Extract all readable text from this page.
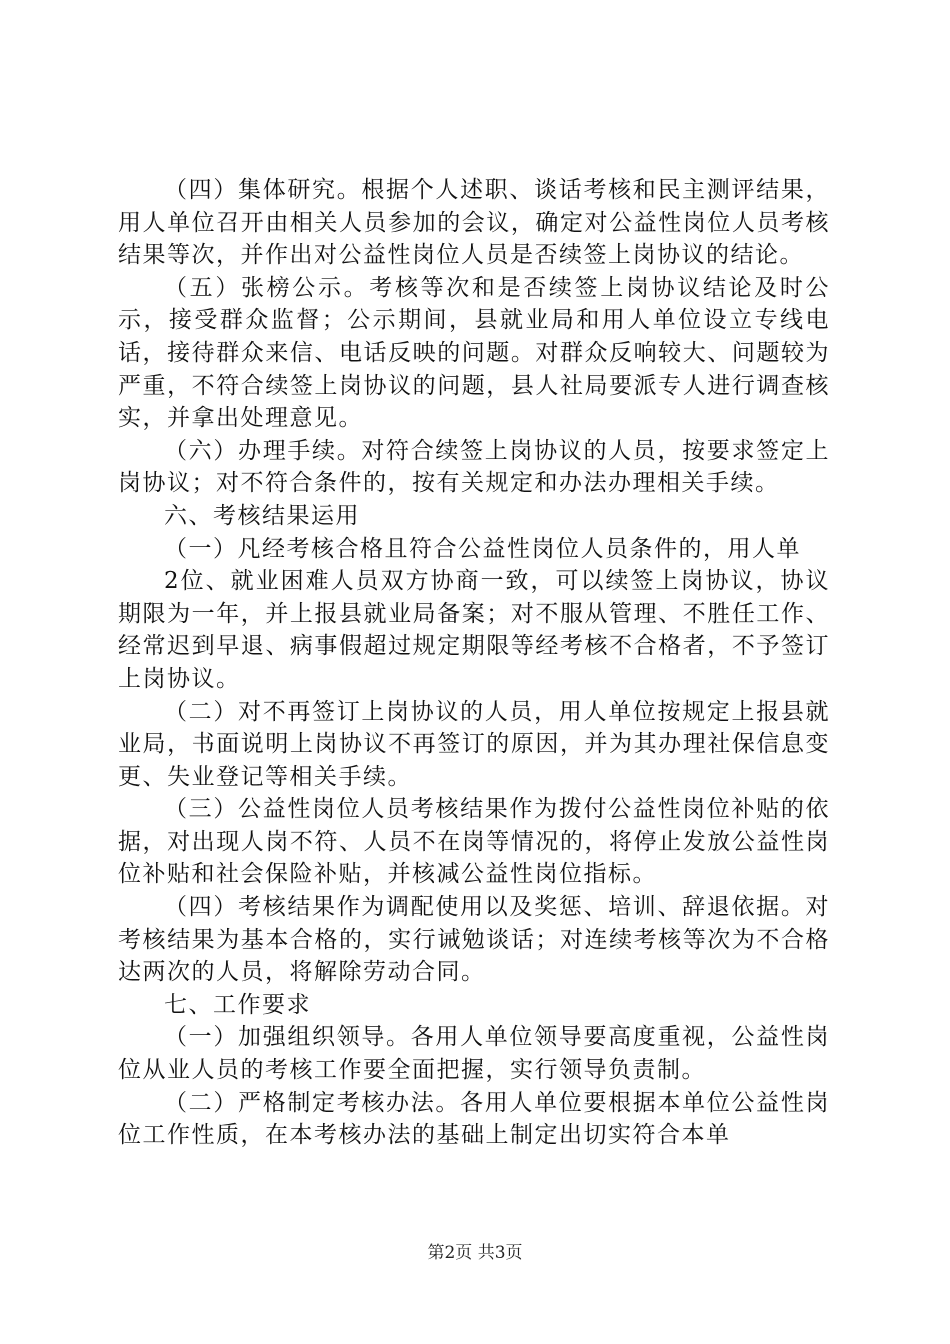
（四）集体研究。根据个人述职、谈话考核和民主测评结果，用人单位召开由相关人员参加的会议，确定对公益性岗位人员考核结果等次，并作出对公益性岗位人员是否续签上岗协议的结论。

（五）张榜公示。考核等次和是否续签上岗协议结论及时公示，接受群众监督；公示期间，县就业局和用人单位设立专线电话，接待群众来信、电话反映的问题。对群众反响较大、问题较为严重，不符合续签上岗协议的问题，县人社局要派专人进行调查核实，并拿出处理意见。

（六）办理手续。对符合续签上岗协议的人员，按要求签定上岗协议；对不符合条件的，按有关规定和办法办理相关手续。

六、考核结果运用

（一）凡经考核合格且符合公益性岗位人员条件的，用人单

2位、就业困难人员双方协商一致，可以续签上岗协议，协议期限为一年，并上报县就业局备案；对不服从管理、不胜任工作、经常迟到早退、病事假超过规定期限等经考核不合格者，不予签订上岗协议。

（二）对不再签订上岗协议的人员，用人单位按规定上报县就业局，书面说明上岗协议不再签订的原因，并为其办理社保信息变更、失业登记等相关手续。

（三）公益性岗位人员考核结果作为拨付公益性岗位补贴的依据，对出现人岗不符、人员不在岗等情况的，将停止发放公益性岗位补贴和社会保险补贴，并核减公益性岗位指标。

（四）考核结果作为调配使用以及奖惩、培训、辞退依据。对考核结果为基本合格的，实行诫勉谈话；对连续考核等次为不合格达两次的人员，将解除劳动合同。

七、工作要求

（一）加强组织领导。各用人单位领导要高度重视，公益性岗位从业人员的考核工作要全面把握，实行领导负责制。

（二）严格制定考核办法。各用人单位要根据本单位公益性岗位工作性质，在本考核办法的基础上制定出切实符合本单

第2页 共3页
